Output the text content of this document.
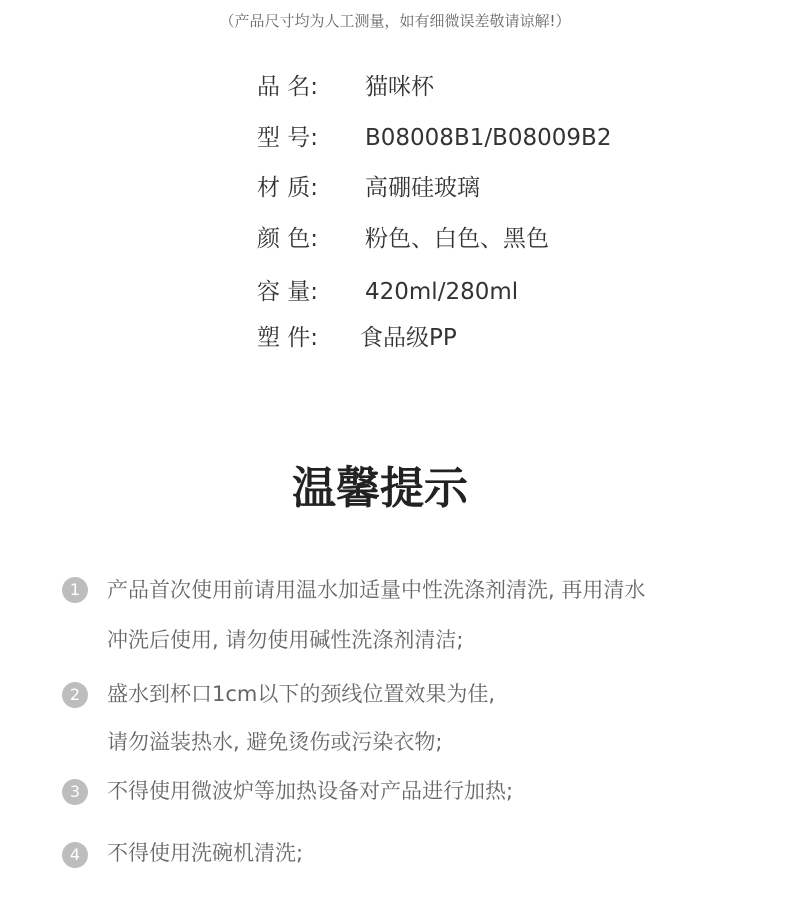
（产品尺寸均为人工测量，如有细微误差敬请谅解!）
品 名: 猫咪杯
型 号: B08008B1/B08009B2
材 质: 高硼硅玻璃
颜 色: 粉色、白色、黑色
容 量: 420ml/280ml
塑 件: 食品级PP
温馨提示
1	产品首次使用前请用温水加适量中性洗涤剂清洗, 再用清水
冲洗后使用, 请勿使用碱性洗涤剂清洁;
2	盛水到杯口1cm以下的颈线位置效果为佳,
请勿溢装热水, 避免烫伤或污染衣物;
3	不得使用微波炉等加热设备对产品进行加热;
4	不得使用洗碗机清洗;
